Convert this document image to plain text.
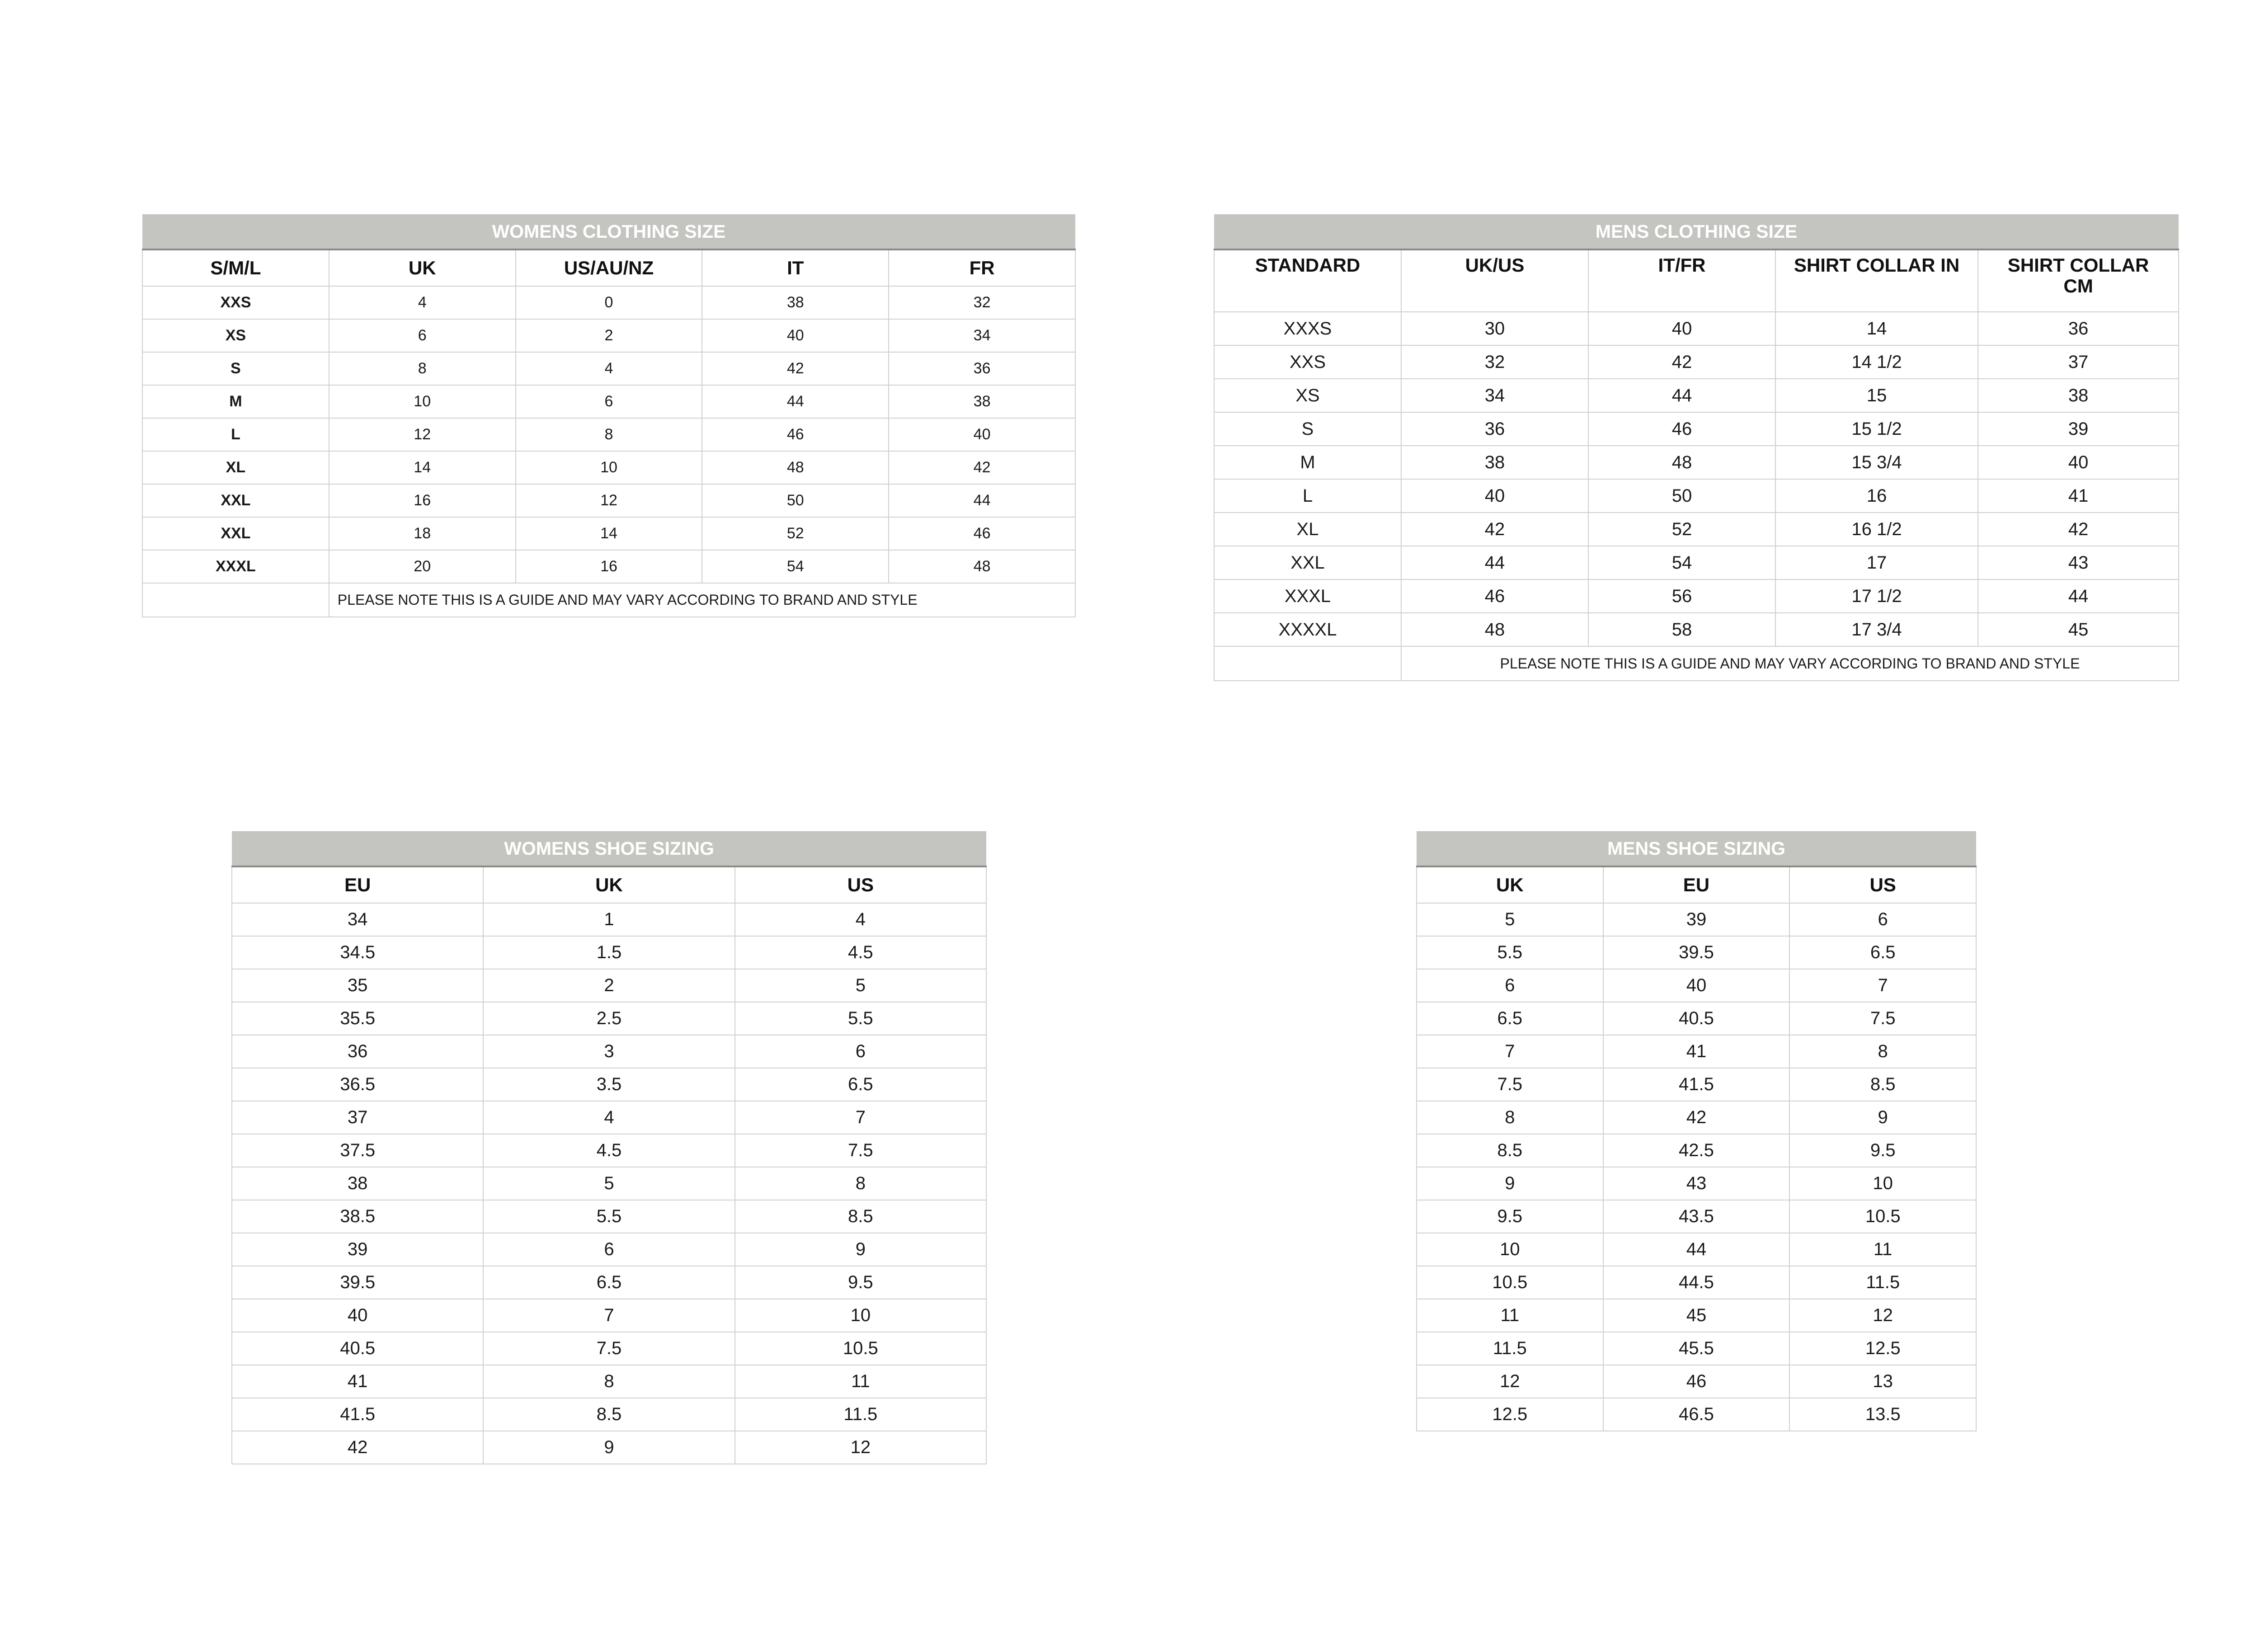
WOMENS CLOTHING SIZE				
S/M/L	UK	US/AU/NZ	IT	FR
XXS	4	0	38	32
XS	6	2	40	34
S	8	4	42	36
M	10	6	44	38
L	12	8	46	40
XL	14	10	48	42
XXL	16	12	50	44
XXL	18	14	52	46
XXXL	20	16	54	48
	PLEASE NOTE THIS IS A GUIDE AND MAY VARY ACCORDING TO BRAND AND STYLE			
MENS CLOTHING SIZE				
STANDARD	UK/US	IT/FR	SHIRT COLLAR IN	SHIRT COLLAR CM
XXXS	30	40	14	36
XXS	32	42	14 1/2	37
XS	34	44	15	38
S	36	46	15 1/2	39
M	38	48	15 3/4	40
L	40	50	16	41
XL	42	52	16 1/2	42
XXL	44	54	17	43
XXXL	46	56	17 1/2	44
XXXXL	48	58	17 3/4	45
	PLEASE NOTE THIS IS A GUIDE AND MAY VARY ACCORDING TO BRAND AND STYLE			
WOMENS SHOE SIZING		
EU	UK	US
34	1	4
34.5	1.5	4.5
35	2	5
35.5	2.5	5.5
36	3	6
36.5	3.5	6.5
37	4	7
37.5	4.5	7.5
38	5	8
38.5	5.5	8.5
39	6	9
39.5	6.5	9.5
40	7	10
40.5	7.5	10.5
41	8	11
41.5	8.5	11.5
42	9	12
MENS SHOE SIZING		
UK	EU	US
5	39	6
5.5	39.5	6.5
6	40	7
6.5	40.5	7.5
7	41	8
7.5	41.5	8.5
8	42	9
8.5	42.5	9.5
9	43	10
9.5	43.5	10.5
10	44	11
10.5	44.5	11.5
11	45	12
11.5	45.5	12.5
12	46	13
12.5	46.5	13.5
